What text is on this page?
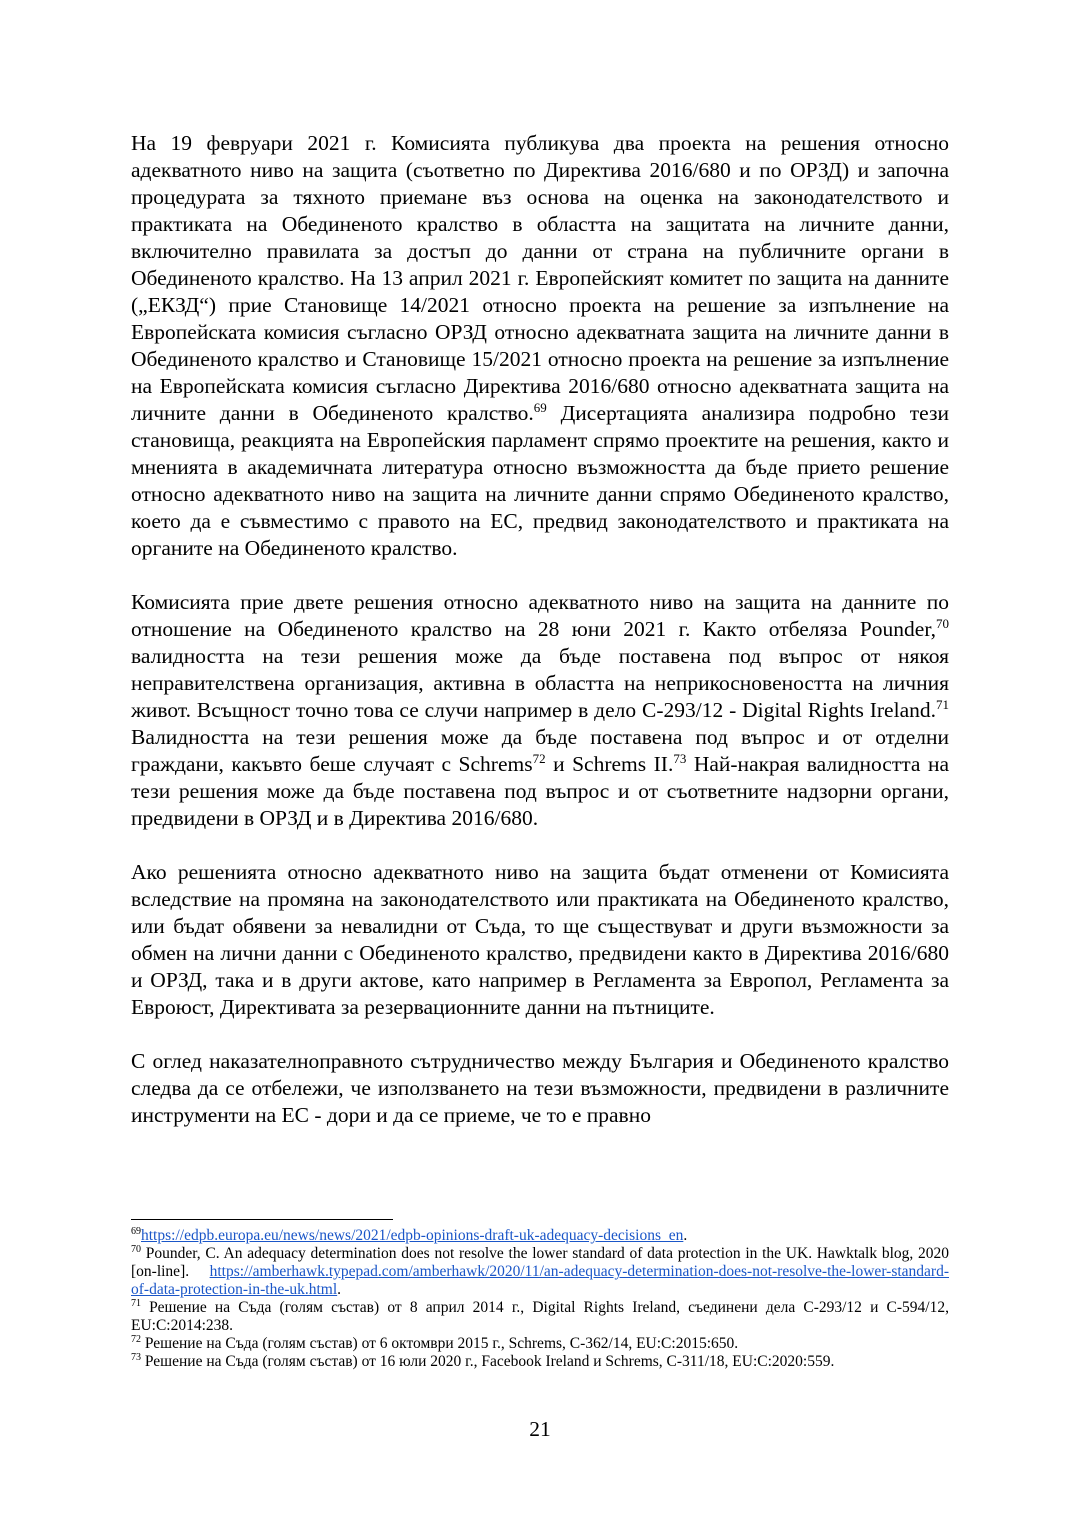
На 19 февруари 2021 г. Комисията публикува два проекта на решения относно адекватното ниво на защита (съответно по Директива 2016/680 и по ОРЗД) и започна процедурата за тяхното приемане въз основа на оценка на законодателството и практиката на Обединеното кралство в областта на защитата на личните данни, включително правилата за достъп до данни от страна на публичните органи в Обединеното кралство. На 13 април 2021 г. Европейският комитет по защита на данните („ЕКЗД“) прие Становище 14/2021 относно проекта на решение за изпълнение на Европейската комисия съгласно ОРЗД относно адекватната защита на личните данни в Обединеното кралство и Становище 15/2021 относно проекта на решение за изпълнение на Европейската комисия съгласно Директива 2016/680 относно адекватната защита на личните данни в Обединеното кралство.$^{69}$ Дисертацията анализира подробно тези становища, реакцията на Европейския парламент спрямо проектите на решения, както и мненията в академичната литература относно възможността да бъде прието решение относно адекватното ниво на защита на личните данни спрямо Обединеното кралство, което да е съвместимо с правото на ЕС, предвид законодателството и практиката на органите на Обединеното кралство.

Комисията прие двете решения относно адекватното ниво на защита на данните по отношение на Обединеното кралство на 28 юни 2021 г. Както отбеляза Pounder,$^{70}$ валидността на тези решения може да бъде поставена под въпрос от някоя неправителствена организация, активна в областта на неприкосновеността на личния живот. Всъщност точно това се случи например в дело C-293/12 - Digital Rights Ireland.$^{71}$ Валидността на тези решения може да бъде поставена под въпрос и от отделни граждани, какъвто беше случаят с Schrems$^{72}$ и Schrems II.$^{73}$ Най-накрая валидността на тези решения може да бъде поставена под въпрос и от съответните надзорни органи, предвидени в ОРЗД и в Директива 2016/680.

Ако решенията относно адекватното ниво на защита бъдат отменени от Комисията вследствие на промяна на законодателството или практиката на Обединеното кралство, или бъдат обявени за невалидни от Съда, то ще съществуват и други възможности за обмен на лични данни с Обединеното кралство, предвидени както в Директива 2016/680 и ОРЗД, така и в други актове, като например в Регламента за Европол, Регламента за Евроюст, Директивата за резервационните данни на пътниците.

С оглед наказателноправното сътрудничество между България и Обединеното кралство следва да се отбележи, че използването на тези възможности, предвидени в различните инструменти на ЕС - дори и да се приеме, че то е правно

$^{69}$https://edpb.europa.eu/news/news/2021/edpb-opinions-draft-uk-adequacy-decisions_en.

$^{70}$ Pounder, C. An adequacy determination does not resolve the lower standard of data protection in the UK. Hawktalk blog, 2020 [on-line]. https://amberhawk.typepad.com/amberhawk/2020/11/an-adequacy-determination-does-not-resolve-the-lower-standard-of-data-protection-in-the-uk.html.

$^{71}$ Решение на Съда (голям състав) от 8 април 2014 г., Digital Rights Ireland, съединени дела C-293/12 и C-594/12, EU:C:2014:238.

$^{72}$ Решение на Съда (голям състав) от 6 октомври 2015 г., Schrems, C-362/14, EU:C:2015:650.

$^{73}$ Решение на Съда (голям състав) от 16 юли 2020 г., Facebook Ireland и Schrems, C-311/18, EU:C:2020:559.

21
